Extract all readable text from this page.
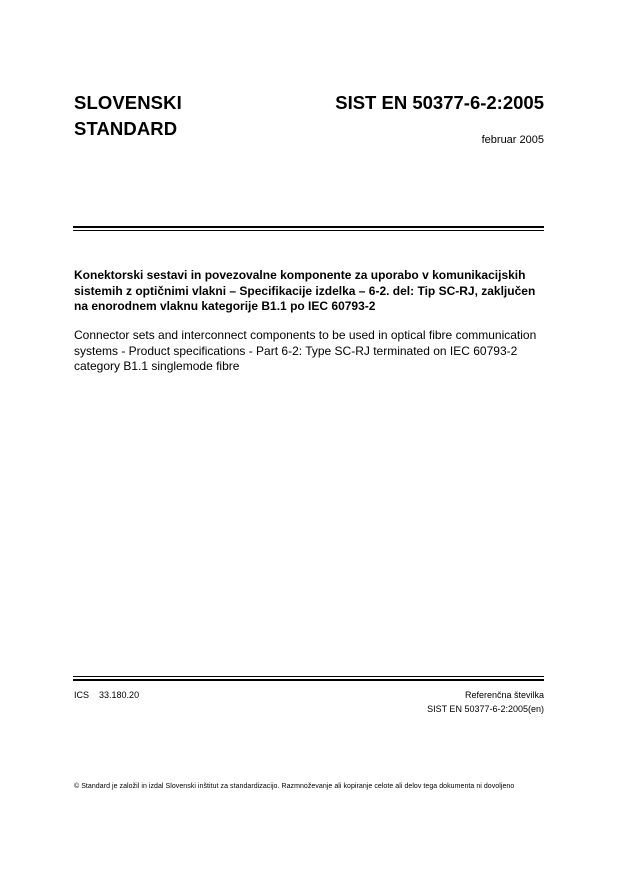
SLOVENSKI
STANDARD
SIST EN 50377-6-2:2005
februar 2005
Konektorski sestavi in povezovalne komponente za uporabo v komunikacijskih sistemih z optičnimi vlakni – Specifikacije izdelka – 6-2. del: Tip SC-RJ, zaključen na enorodnem vlaknu kategorije B1.1 po IEC 60793-2
Connector sets and interconnect components to be used in optical fibre communication systems - Product specifications - Part 6-2: Type SC-RJ terminated on IEC 60793-2 category B1.1 singlemode fibre
ICS 33.180.20	Referenčna številka
SIST EN 50377-6-2:2005(en)
© Standard je založil in izdal Slovenski inštitut za standardizacijo. Razmnoževanje ali kopiranje celote ali delov tega dokumenta ni dovoljeno
